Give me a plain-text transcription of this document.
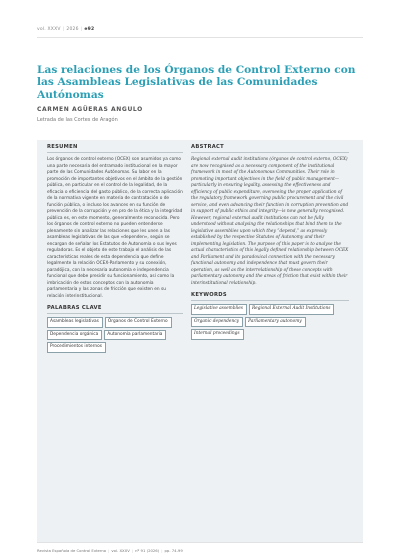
vol. XXXV | 2026 | e92
Las relaciones de los Órganos de Control Externo con las Asambleas Legislativas de las Comunidades Autónomas
CARMEN AGÜERAS ANGULO
Letrada de las Cortes de Aragón
RESUMEN

Los órganos de control externo (OCEX) son asumidos ya como una parte necesaria del entramado institucional en la mayor parte de las Comunidades Autónomas. Su labor en la promoción de importantes objetivos en el ámbito de la gestión pública, en particular en el control de la legalidad, de la eficacia o eficiencia del gasto público, de la correcta aplicación de la normativa vigente en materia de contratación o de función pública, o incluso los avances en su función de prevención de la corrupción y en pro de la ética y la integridad pública es, en este momento, generalmente reconocida. Pero los órganos de control externo no pueden entenderse plenamente sin analizar las relaciones que les unen a las asambleas legislativas de las que «dependen», según se encargan de señalar los Estatutos de Autonomía o sus leyes reguladoras. Es el objeto de este trabajo el análisis de las características reales de esta dependencia que define legalmente la relación OCEX-Parlamento y su conexión, paradójica, con la necesaria autonomía e independencia funcional que debe presidir su funcionamiento, así como la imbricación de estos conceptos con la autonomía parlamentaria y las zonas de fricción que existen en su relación interinstitucional.

PALABRAS CLAVE
Asambleas legislativas	Órganos de Control Externo
Dependencia orgánica	Autonomía parlamentaria
Procedimientos internos
ABSTRACT

Regional external audit institutions (órganos de control externo, OCEX) are now recognised as a necessary component of the institutional framework in most of the Autonomous Communities. Their role in promoting important objectives in the field of public management—particularly in ensuring legality, assessing the effectiveness and efficiency of public expenditure, overseeing the proper application of the regulatory framework governing public procurement and the civil service, and even advancing their function in corruption prevention and in support of public ethics and integrity—is now generally recognised. However, regional external audit institutions can not be fully understood without analysing the relationships that bind them to the legislative assemblies upon which they “depend,” as expressly established by the respective Statutes of Autonomy and their implementing legislation. The purpose of this paper is to analyse the actual characteristics of this legally defined relationship between OCEX and Parliament and its paradoxical connection with the necessary functional autonomy and independence that must govern their operation, as well as the interrelationship of these concepts with parliamentary autonomy and the areas of friction that exist within their interinstitutional relationship.

KEYWORDS
Legislative assemblies	Regional External Audit Institutions
Organic dependency	Parliamentary autonomy
Internal proceedings
Revista Española de Control Externo | vol. XXXV | nº 91 (2026) | pp. 74-99
